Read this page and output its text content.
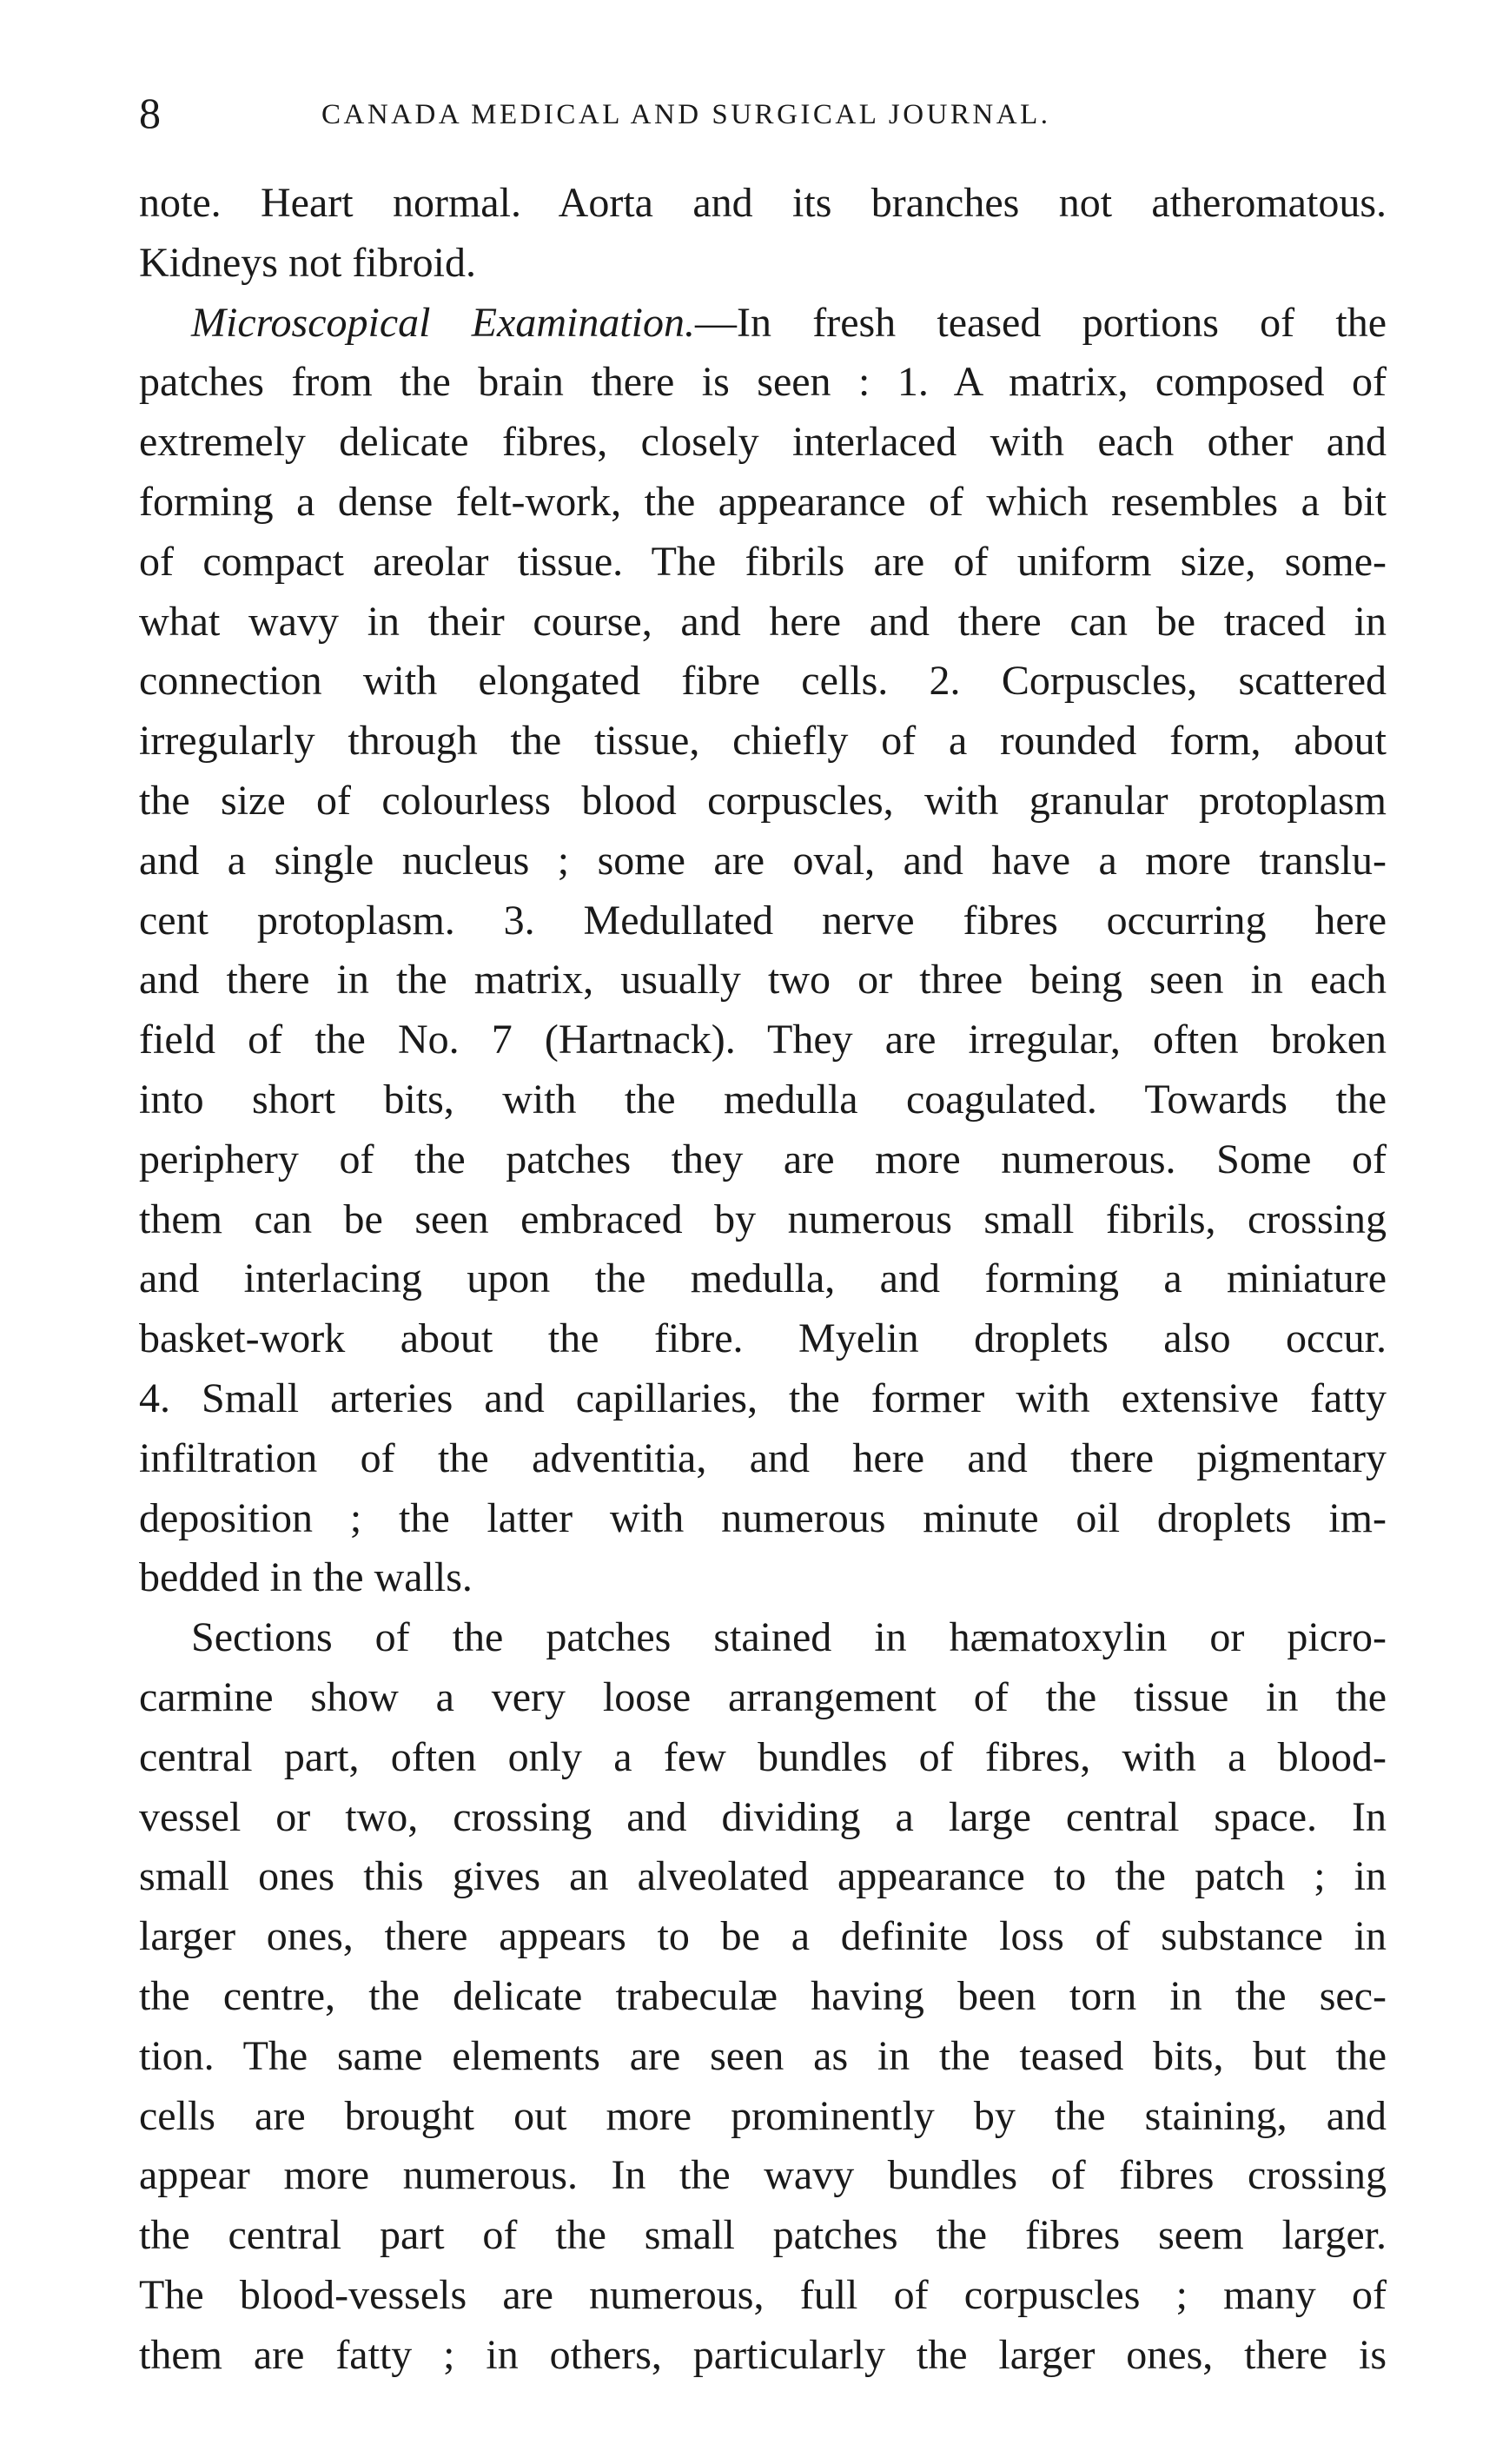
8	CANADA MEDICAL AND SURGICAL JOURNAL.
note. Heart normal. Aorta and its branches not atheromatous.
Kidneys not fibroid.
Microscopical Examination.—In fresh teased portions of the
patches from the brain there is seen : 1. A matrix, composed of
extremely delicate fibres, closely interlaced with each other and
forming a dense felt-work, the appearance of which resembles a bit
of compact areolar tissue. The fibrils are of uniform size, some-
what wavy in their course, and here and there can be traced in
connection with elongated fibre cells. 2. Corpuscles, scattered
irregularly through the tissue, chiefly of a rounded form, about
the size of colourless blood corpuscles, with granular protoplasm
and a single nucleus ; some are oval, and have a more translu-
cent protoplasm. 3. Medullated nerve fibres occurring here
and there in the matrix, usually two or three being seen in each
field of the No. 7 (Hartnack). They are irregular, often broken
into short bits, with the medulla coagulated. Towards the
periphery of the patches they are more numerous. Some of
them can be seen embraced by numerous small fibrils, crossing
and interlacing upon the medulla, and forming a miniature
basket-work about the fibre. Myelin droplets also occur.
4. Small arteries and capillaries, the former with extensive fatty
infiltration of the adventitia, and here and there pigmentary
deposition ; the latter with numerous minute oil droplets im-
bedded in the walls.
Sections of the patches stained in hæmatoxylin or picro-
carmine show a very loose arrangement of the tissue in the
central part, often only a few bundles of fibres, with a blood-
vessel or two, crossing and dividing a large central space. In
small ones this gives an alveolated appearance to the patch ; in
larger ones, there appears to be a definite loss of substance in
the centre, the delicate trabeculæ having been torn in the sec-
tion. The same elements are seen as in the teased bits, but the
cells are brought out more prominently by the staining, and
appear more numerous. In the wavy bundles of fibres crossing
the central part of the small patches the fibres seem larger.
The blood-vessels are numerous, full of corpuscles ; many of
them are fatty ; in others, particularly the larger ones, there is
